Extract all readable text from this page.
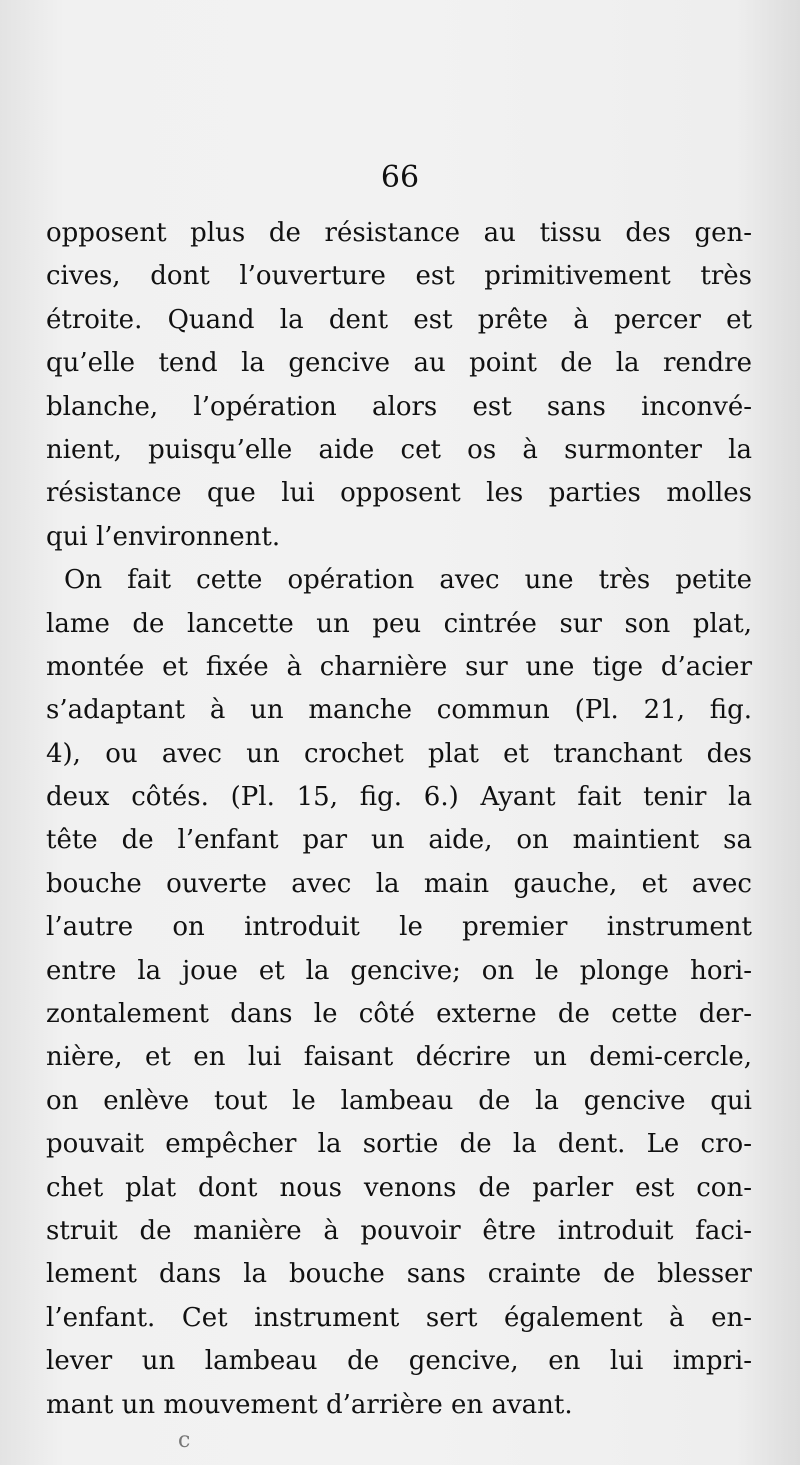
66

opposent plus de résistance au tissu des gen-
cives, dont l’ouverture est primitivement très
étroite. Quand la dent est prête à percer et
qu’elle tend la gencive au point de la rendre
blanche, l’opération alors est sans inconvé-
nient, puisqu’elle aide cet os à surmonter la
résistance que lui opposent les parties molles
qui l’environnent.
On fait cette opération avec une très petite
lame de lancette un peu cintrée sur son plat,
montée et fixée à charnière sur une tige d’acier
s’adaptant à un manche commun (Pl. 21, fig.
4), ou avec un crochet plat et tranchant des
deux côtés. (Pl. 15, fig. 6.) Ayant fait tenir la
tête de l’enfant par un aide, on maintient sa
bouche ouverte avec la main gauche, et avec
l’autre on introduit le premier instrument
entre la joue et la gencive; on le plonge hori-
zontalement dans le côté externe de cette der-
nière, et en lui faisant décrire un demi-cercle,
on enlève tout le lambeau de la gencive qui
pouvait empêcher la sortie de la dent. Le cro-
chet plat dont nous venons de parler est con-
struit de manière à pouvoir être introduit faci-
lement dans la bouche sans crainte de blesser
l’enfant. Cet instrument sert également à en-
lever un lambeau de gencive, en lui impri-
mant un mouvement d’arrière en avant.

c
